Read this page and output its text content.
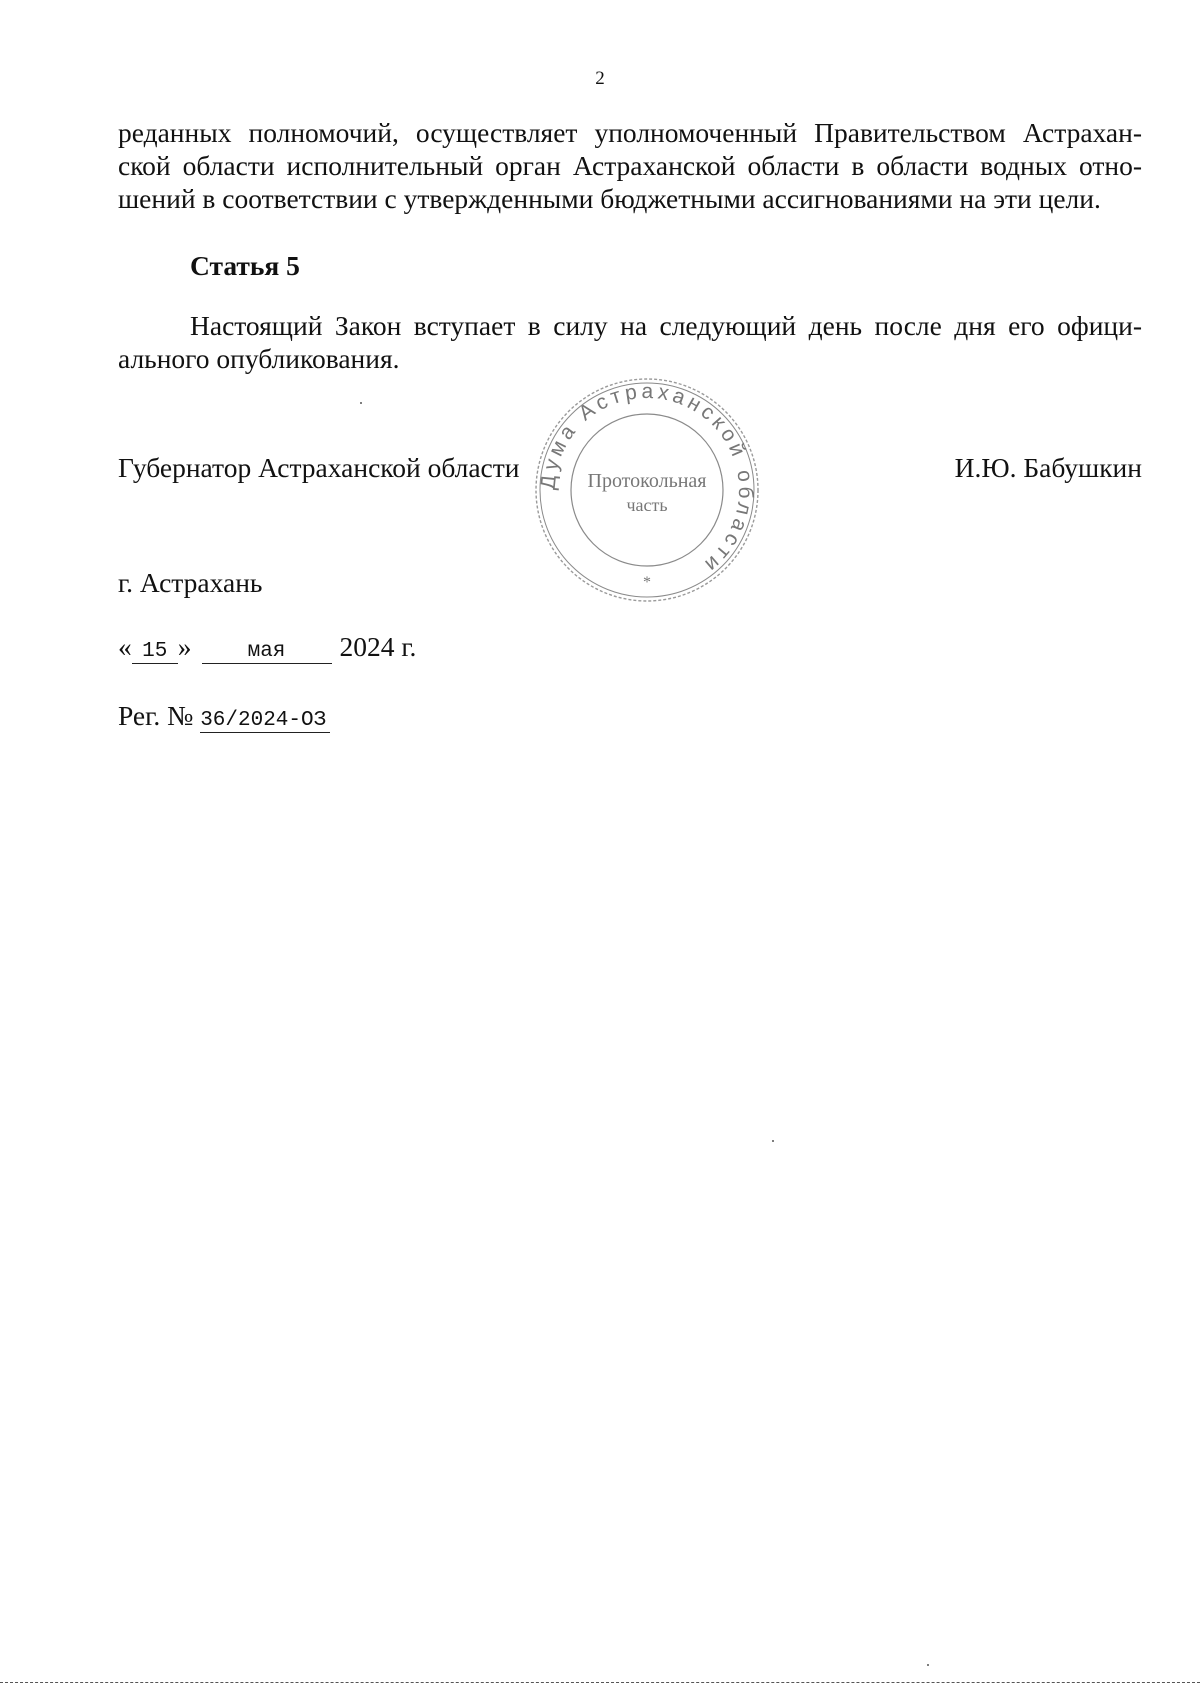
2
реданных полномочий, осуществляет уполномоченный Правительством Астрахан-
ской области исполнительный орган Астраханской области в области водных отно-
шений в соответствии с утвержденными бюджетными ассигнованиями на эти цели.
Статья 5
Настоящий Закон вступает в силу на следующий день после дня его офици-
ального опубликования.
Губернатор Астраханской области	И.Ю. Бабушкин
Дума Астраханской области
Протокольная
часть
*
г. Астрахань
« 15 »	мая 2024 г.
Рег. № 36/2024-ОЗ
